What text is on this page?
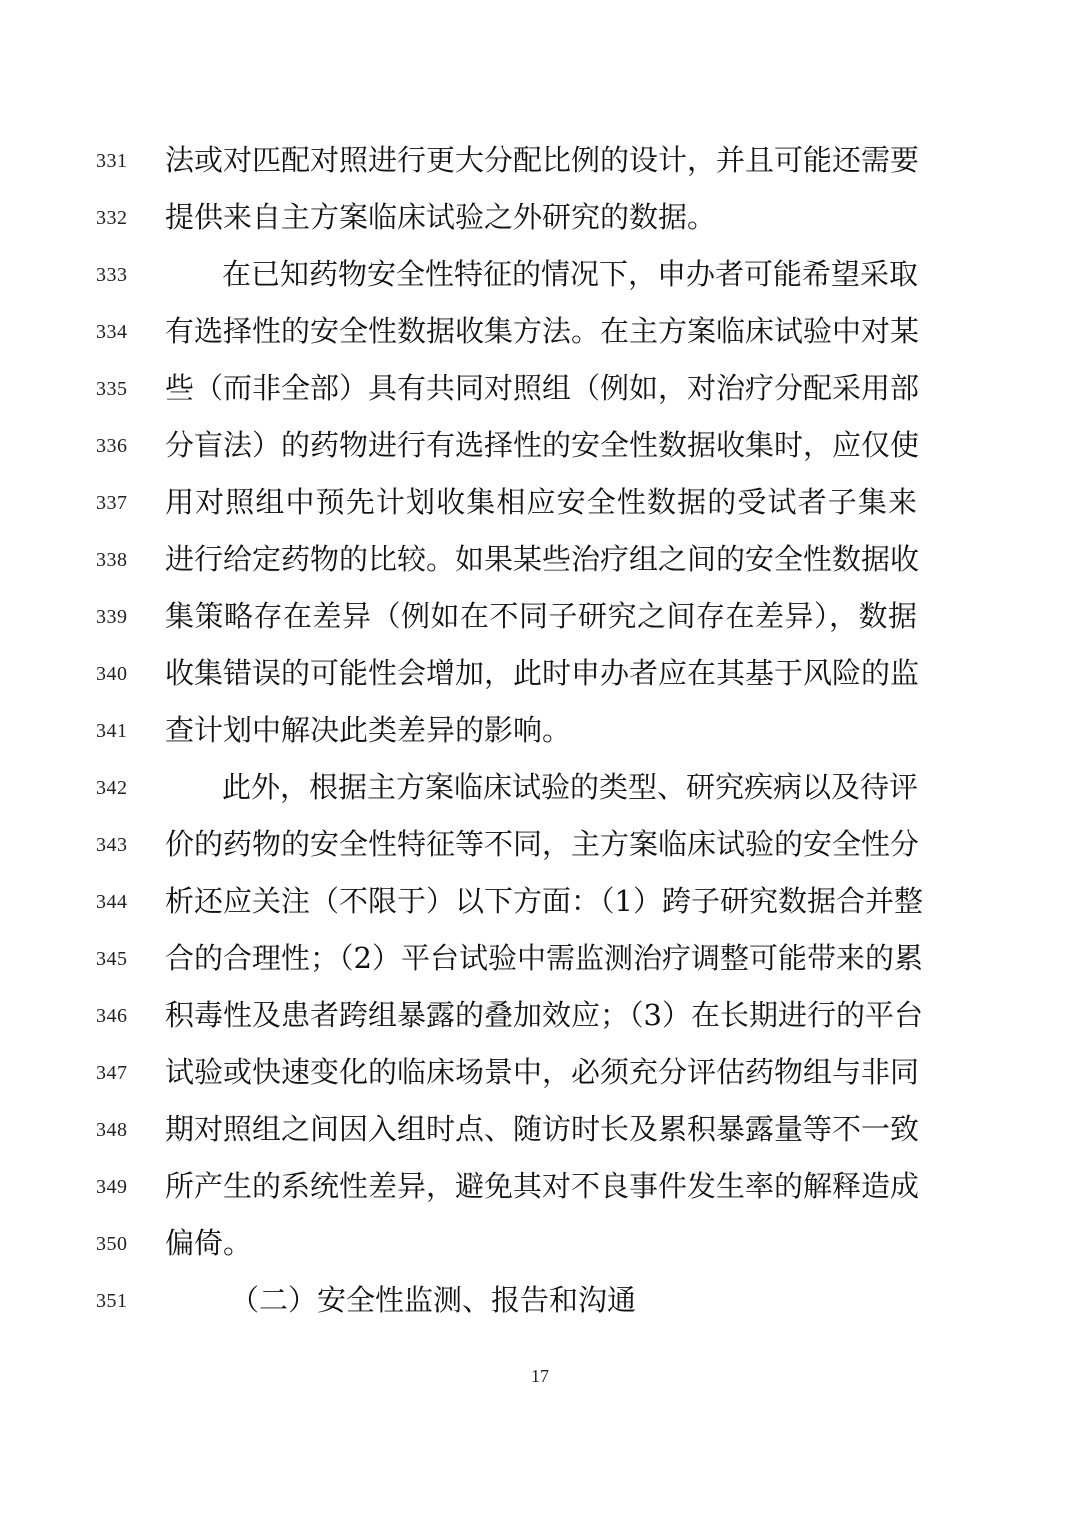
331	法或对匹配对照进行更大分配比例的设计，并且可能还需要
332	提供来自主方案临床试验之外研究的数据。
333	在已知药物安全性特征的情况下，申办者可能希望采取
334	有选择性的安全性数据收集方法。在主方案临床试验中对某
335	些（而非全部）具有共同对照组（例如，对治疗分配采用部
336	分盲法）的药物进行有选择性的安全性数据收集时，应仅使
337	用对照组中预先计划收集相应安全性数据的受试者子集来
338	进行给定药物的比较。如果某些治疗组之间的安全性数据收
339	集策略存在差异（例如在不同子研究之间存在差异），数据
340	收集错误的可能性会增加，此时申办者应在其基于风险的监
341	查计划中解决此类差异的影响。
342	此外，根据主方案临床试验的类型、研究疾病以及待评
343	价的药物的安全性特征等不同，主方案临床试验的安全性分
344	析还应关注（不限于）以下方面：（1）跨子研究数据合并整
345	合的合理性；（2）平台试验中需监测治疗调整可能带来的累
346	积毒性及患者跨组暴露的叠加效应；（3）在长期进行的平台
347	试验或快速变化的临床场景中，必须充分评估药物组与非同
348	期对照组之间因入组时点、随访时长及累积暴露量等不一致
349	所产生的系统性差异，避免其对不良事件发生率的解释造成
350	偏倚。
351	（二）安全性监测、报告和沟通
17
